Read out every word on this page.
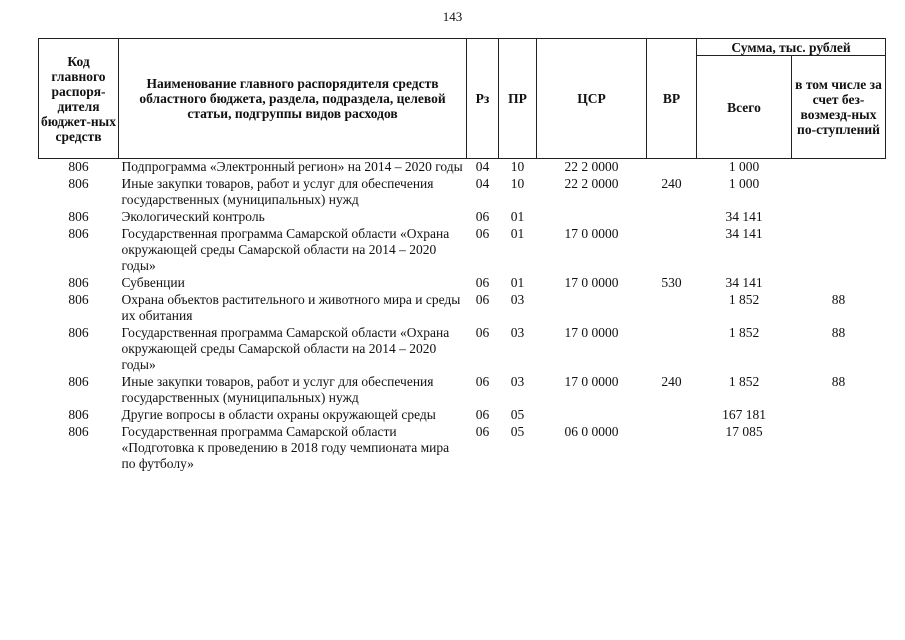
143
Код главного распоря-дителя бюджет-ных средств	Наименование главного распорядителя средств областного бюджета, раздела, подраздела, целевой статьи, подгруппы видов расходов	Рз	ПР	ЦСР	ВР	Сумма, тыс. рублей	
						Всего	в том числе за счет без-возмезд-ных по-ступлений
806	Подпрограмма «Электронный регион» на 2014 – 2020 годы	04	10	22 2 0000		1 000	
806	Иные закупки товаров, работ и услуг для обеспечения государственных (муниципальных) нужд	04	10	22 2 0000	240	1 000	
806	Экологический контроль	06	01			34 141	
806	Государственная программа Самарской области «Охрана окружающей среды Самарской области на 2014 – 2020 годы»	06	01	17 0 0000		34 141	
806	Субвенции	06	01	17 0 0000	530	34 141	
806	Охрана объектов растительного и животного мира и среды их обитания	06	03			1 852	88
806	Государственная программа Самарской области «Охрана окружающей среды Самарской области на 2014 – 2020 годы»	06	03	17 0 0000		1 852	88
806	Иные закупки товаров, работ и услуг для обеспечения государственных (муниципальных) нужд	06	03	17 0 0000	240	1 852	88
806	Другие вопросы в области охраны окружающей среды	06	05			167 181	
806	Государственная программа Самарской области «Подготовка к проведению в 2018 году чемпионата мира по футболу»	06	05	06 0 0000		17 085	
